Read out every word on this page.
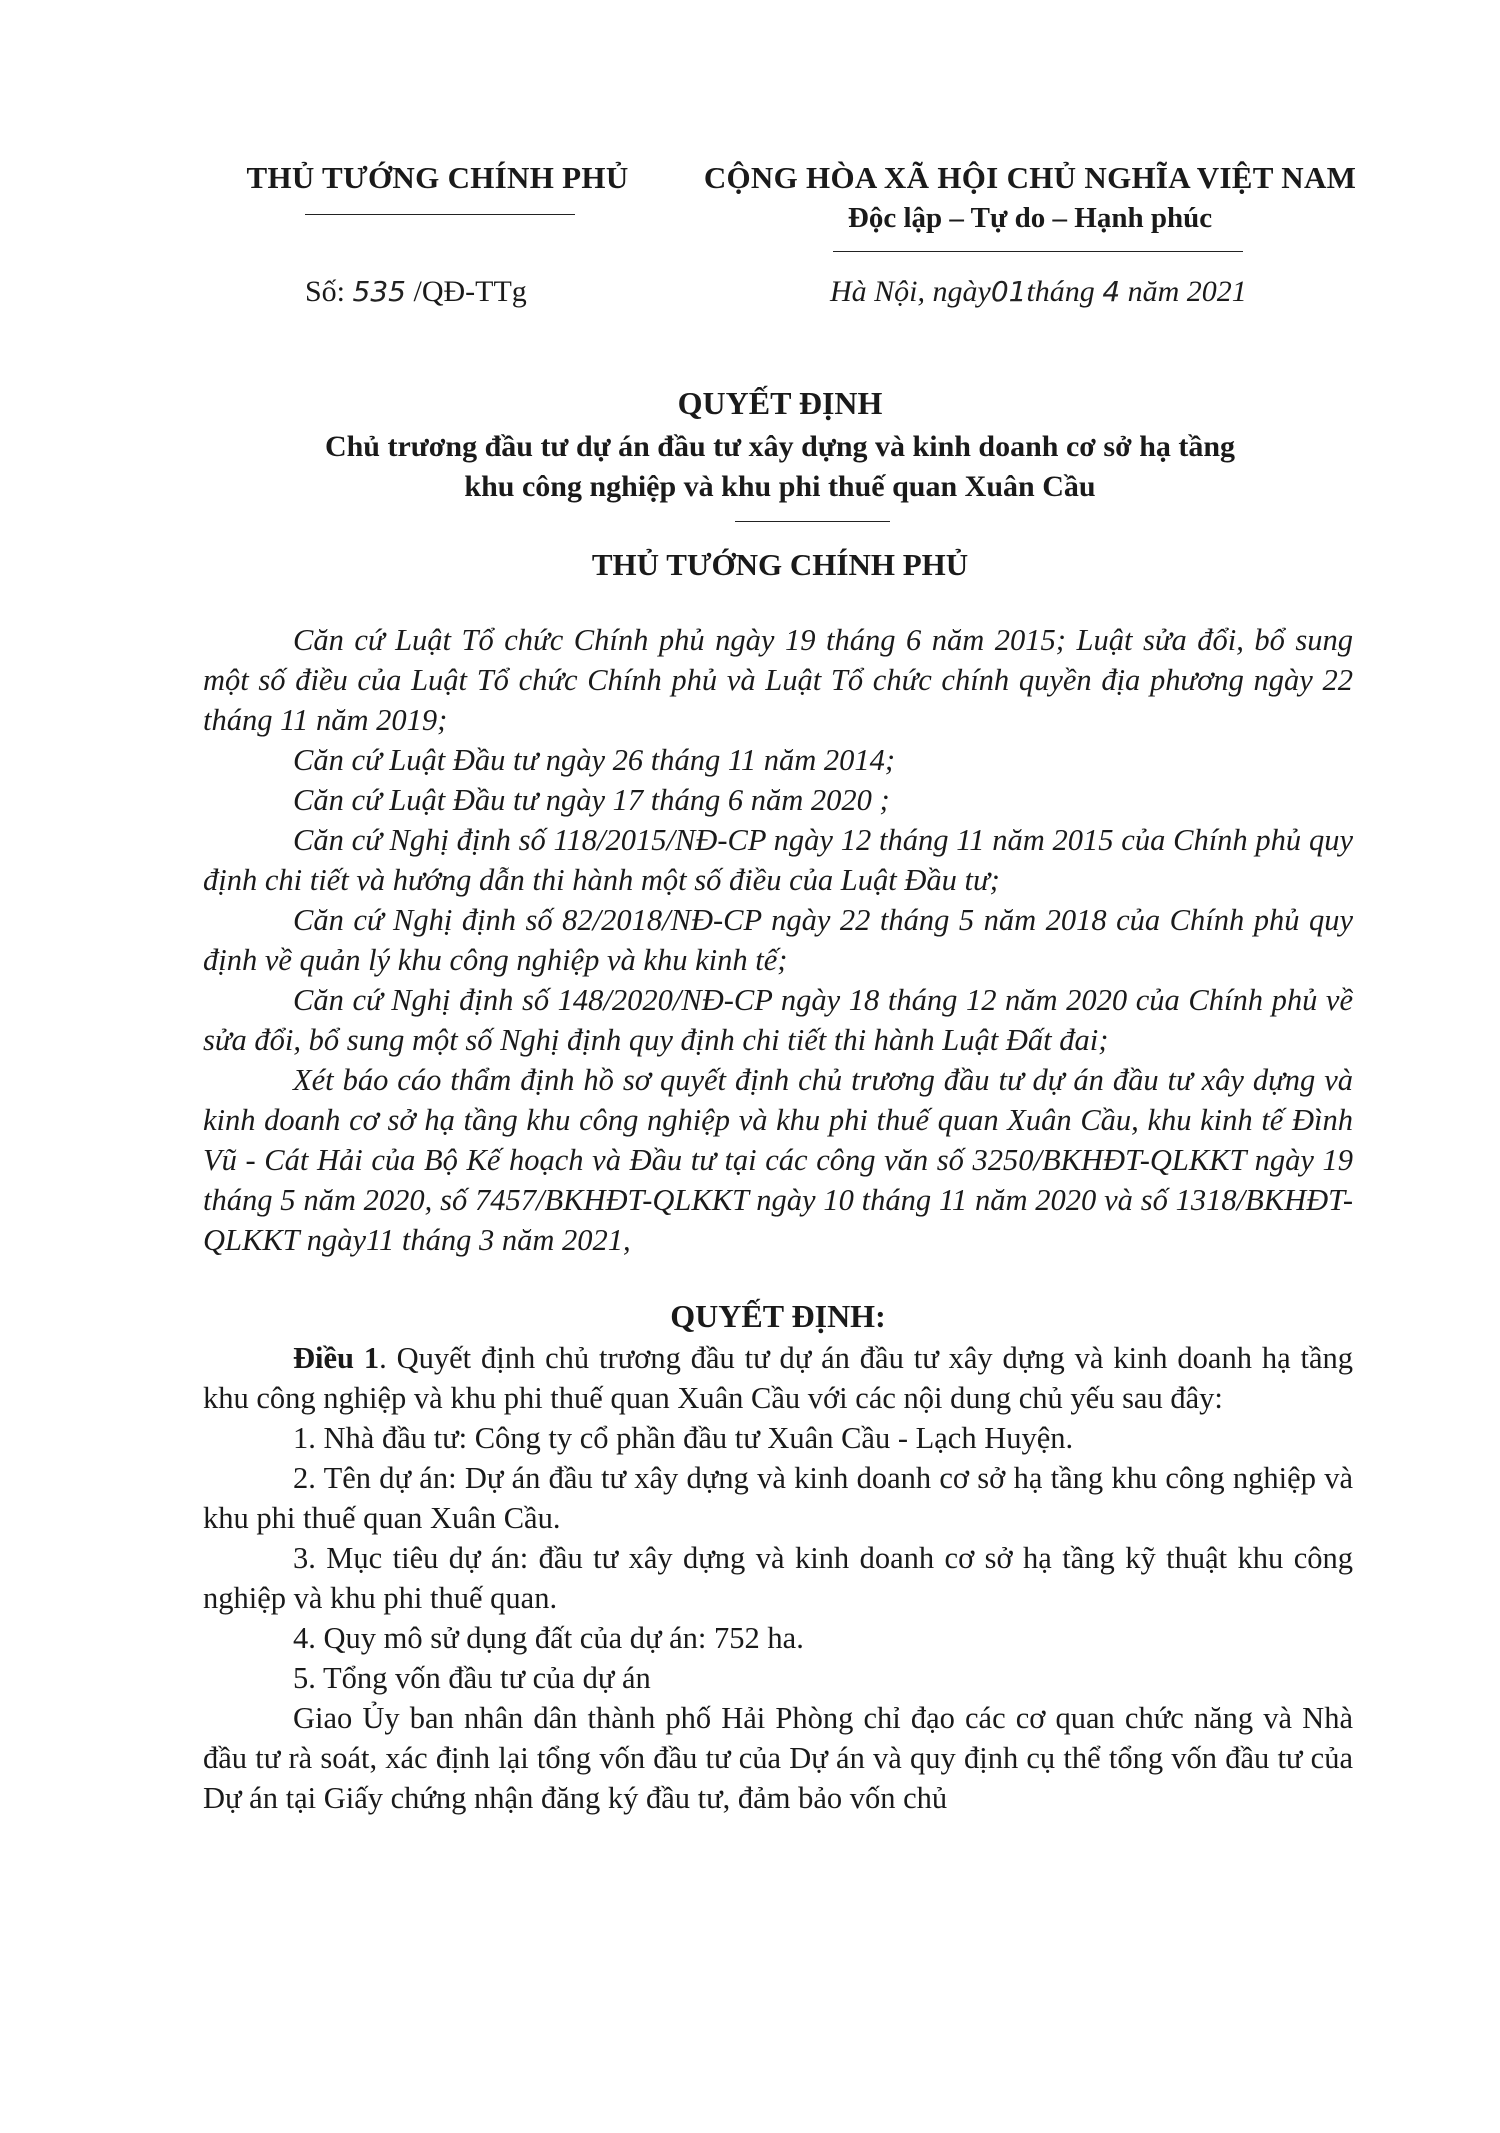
THỦ TƯỚNG CHÍNH PHỦ	CỘNG HÒA XÃ HỘI CHỦ NGHĨA VIỆT NAM
Độc lập – Tự do – Hạnh phúc
Số: 535 /QĐ-TTg	Hà Nội, ngày01tháng 4 năm 2021
QUYẾT ĐỊNH
Chủ trương đầu tư dự án đầu tư xây dựng và kinh doanh cơ sở hạ tầng
khu công nghiệp và khu phi thuế quan Xuân Cầu
THỦ TƯỚNG CHÍNH PHỦ

Căn cứ Luật Tổ chức Chính phủ ngày 19 tháng 6 năm 2015; Luật sửa đổi, bổ sung một số điều của Luật Tổ chức Chính phủ và Luật Tổ chức chính quyền địa phương ngày 22 tháng 11 năm 2019;

Căn cứ Luật Đầu tư ngày 26 tháng 11 năm 2014;

Căn cứ Luật Đầu tư ngày 17 tháng 6 năm 2020 ;

Căn cứ Nghị định số 118/2015/NĐ-CP ngày 12 tháng 11 năm 2015 của Chính phủ quy định chi tiết và hướng dẫn thi hành một số điều của Luật Đầu tư;

Căn cứ Nghị định số 82/2018/NĐ-CP ngày 22 tháng 5 năm 2018 của Chính phủ quy định về quản lý khu công nghiệp và khu kinh tế;

Căn cứ Nghị định số 148/2020/NĐ-CP ngày 18 tháng 12 năm 2020 của Chính phủ về sửa đổi, bổ sung một số Nghị định quy định chi tiết thi hành Luật Đất đai;

Xét báo cáo thẩm định hồ sơ quyết định chủ trương đầu tư dự án đầu tư xây dựng và kinh doanh cơ sở hạ tầng khu công nghiệp và khu phi thuế quan Xuân Cầu, khu kinh tế Đình Vũ - Cát Hải của Bộ Kế hoạch và Đầu tư tại các công văn số 3250/BKHĐT-QLKKT ngày 19 tháng 5 năm 2020, số 7457/BKHĐT-QLKKT ngày 10 tháng 11 năm 2020 và số 1318/BKHĐT-QLKKT ngày11 tháng 3 năm 2021,

QUYẾT ĐỊNH:

Điều 1. Quyết định chủ trương đầu tư dự án đầu tư xây dựng và kinh doanh hạ tầng khu công nghiệp và khu phi thuế quan Xuân Cầu với các nội dung chủ yếu sau đây:

1. Nhà đầu tư: Công ty cổ phần đầu tư Xuân Cầu - Lạch Huyện.

2. Tên dự án: Dự án đầu tư xây dựng và kinh doanh cơ sở hạ tầng khu công nghiệp và khu phi thuế quan Xuân Cầu.

3. Mục tiêu dự án: đầu tư xây dựng và kinh doanh cơ sở hạ tầng kỹ thuật khu công nghiệp và khu phi thuế quan.

4. Quy mô sử dụng đất của dự án: 752 ha.

5. Tổng vốn đầu tư của dự án

Giao Ủy ban nhân dân thành phố Hải Phòng chỉ đạo các cơ quan chức năng và Nhà đầu tư rà soát, xác định lại tổng vốn đầu tư của Dự án và quy định cụ thể tổng vốn đầu tư của Dự án tại Giấy chứng nhận đăng ký đầu tư, đảm bảo vốn chủ
